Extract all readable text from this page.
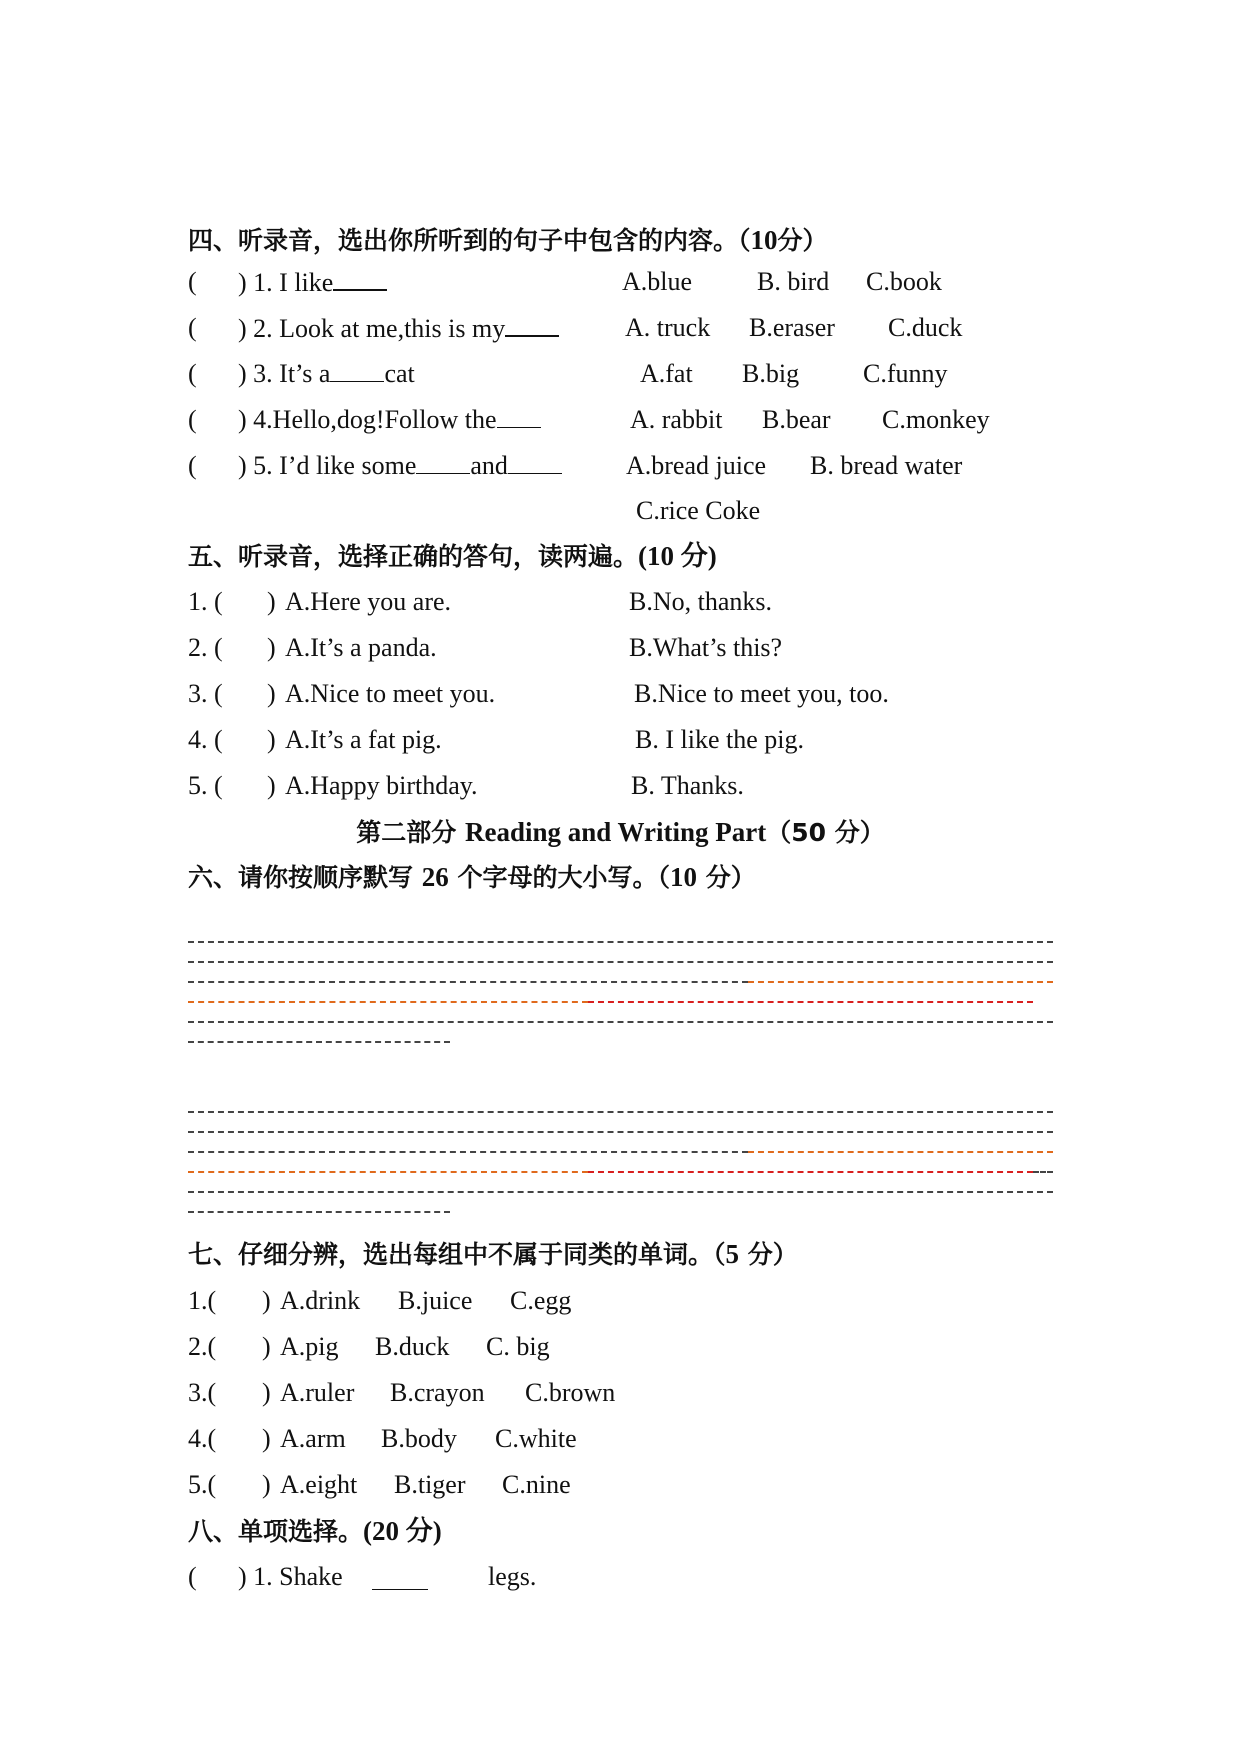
四、听录音，选出你所听到的句子中包含的内容。（10分）
( ) 1. I like	A.blue B. bird C.book
( ) 2. Look at me,this is my	A. truck B.eraser C.duck
( ) 3. It’s a cat	A.fat B.big C.funny
( ) 4.Hello,dog!Follow the	A. rabbit B.bear C.monkey
( ) 5. I’d like some and	A.bread juice B. bread water
C.rice Coke
五、听录音，选择正确的答句，读两遍。(10 分)
1. ( ) A.Here you are.	B.No, thanks.
2. ( ) A.It’s a panda.	B.What’s this?
3. ( ) A.Nice to meet you.	B.Nice to meet you, too.
4. ( ) A.It’s a fat pig.	B. I like the pig.
5. ( ) A.Happy birthday.	B. Thanks.
第二部分 Reading and Writing Part（50 分）
六、请你按顺序默写 26 个字母的大小写。（10 分）
七、仔细分辨，选出每组中不属于同类的单词。（5 分）
1.( ) A.drink B.juice C.egg
2.( ) A.pig B.duck C. big
3.( ) A.ruler B.crayon C.brown
4.( ) A.arm B.body C.white
5.( ) A.eight B.tiger C.nine
八、单项选择。(20 分)
( ) 1. Shake	legs.
